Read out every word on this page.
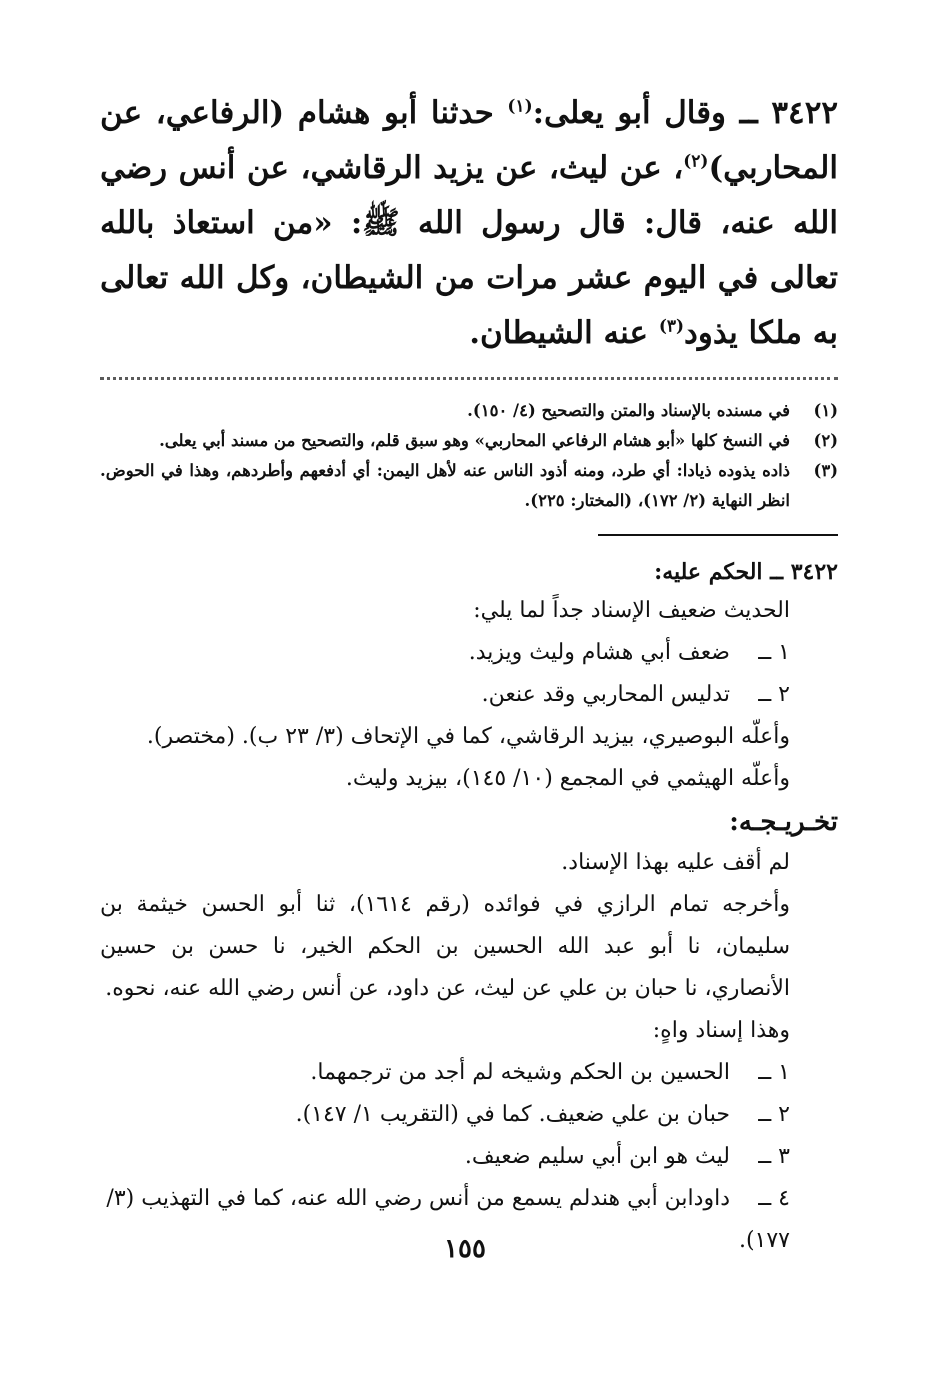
٣٤٢٢ ــ وقال أبو يعلى:$^{(١)}$ حدثنا أبو هشام (الرفاعي، عن المحاربي)$^{(٢)}$، عن ليث، عن يزيد الرقاشي، عن أنس رضي الله عنه، قال: قال رسول الله ﷺ: «من استعاذ بالله تعالى في اليوم عشر مرات من الشيطان، وكل الله تعالى به ملكا يذود$^{(٣)}$ عنه الشيطان.

(١)
في مسنده بالإسناد والمتن والتصحيح (٤/ ١٥٠).
(٢)
في النسخ كلها «أبو هشام الرفاعي المحاربي» وهو سبق قلم، والتصحيح من مسند أبي يعلى.
(٣)
ذاده يذوده ذيادا: أي طرد، ومنه أذود الناس عنه لأهل اليمن: أي أدفعهم وأطردهم، وهذا في الحوض. انظر النهاية (٢/ ١٧٢)، (المختار: ٢٢٥).
٣٤٢٢ ــ الحكم عليه:
الحديث ضعيف الإسناد جداً لما يلي:
١ ــضعف أبي هشام وليث ويزيد.
٢ ــتدليس المحاربي وقد عنعن.
وأعلّه البوصيري، بيزيد الرقاشي، كما في الإتحاف (٣/ ٢٣ ب). (مختصر).
وأعلّه الهيثمي في المجمع (١٠/ ١٤٥)، بيزيد وليث.
تخـريـجـه:
لم أقف عليه بهذا الإسناد.
وأخرجه تمام الرازي في فوائده (رقم ١٦١٤)، ثنا أبو الحسن خيثمة بن سليمان، نا أبو عبد الله الحسين بن الحكم الخير، نا حسن بن حسين الأنصاري، نا حبان بن علي عن ليث، عن داود، عن أنس رضي الله عنه، نحوه.
وهذا إسناد واهٍ:
١ ــالحسين بن الحكم وشيخه لم أجد من ترجمهما.
٢ ــحبان بن علي ضعيف. كما في (التقريب ١/ ١٤٧).
٣ ــليث هو ابن أبي سليم ضعيف.
٤ ــداودابن أبي هندلم يسمع من أنس رضي الله عنه، كما في التهذيب (٣/ ١٧٧).
١٥٥
